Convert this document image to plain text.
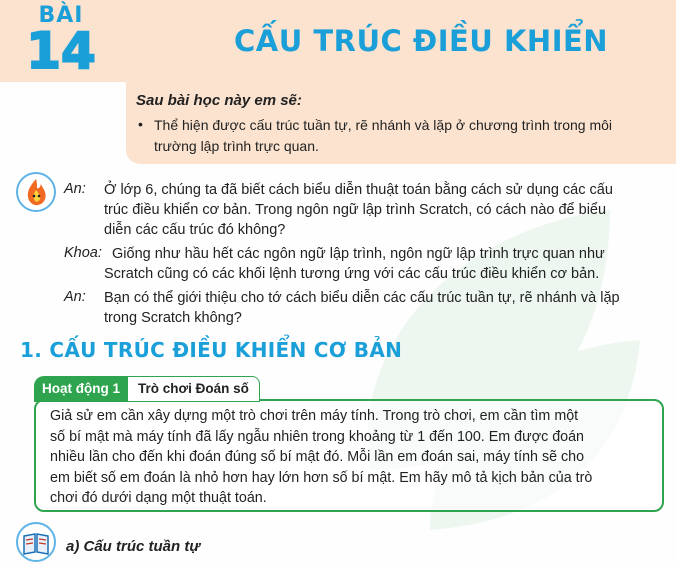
BÀI
14	CẤU TRÚC ĐIỀU KHIỂN
Sau bài học này em sẽ:
• Thể hiện được cấu trúc tuần tự, rẽ nhánh và lặp ở chương trình trong môi
trường lập trình trực quan.
An: Ở lớp 6, chúng ta đã biết cách biểu diễn thuật toán bằng cách sử dụng các cấu
trúc điều khiển cơ bản. Trong ngôn ngữ lập trình Scratch, có cách nào để biểu
diễn các cấu trúc đó không?
Khoa: Giống như hầu hết các ngôn ngữ lập trình, ngôn ngữ lập trình trực quan như
Scratch cũng có các khối lệnh tương ứng với các cấu trúc điều khiển cơ bản.
An: Bạn có thể giới thiệu cho tớ cách biểu diễn các cấu trúc tuần tự, rẽ nhánh và lặp
trong Scratch không?
1. CẤU TRÚC ĐIỀU KHIỂN CƠ BẢN
Hoạt động 1	Trò chơi Đoán số
Giả sử em cần xây dựng một trò chơi trên máy tính. Trong trò chơi, em cần tìm một
số bí mật mà máy tính đã lấy ngẫu nhiên trong khoảng từ 1 đến 100. Em được đoán
nhiều lần cho đến khi đoán đúng số bí mật đó. Mỗi lần em đoán sai, máy tính sẽ cho
em biết số em đoán là nhỏ hơn hay lớn hơn số bí mật. Em hãy mô tả kịch bản của trò
chơi đó dưới dạng một thuật toán.
a) Cấu trúc tuần tự
